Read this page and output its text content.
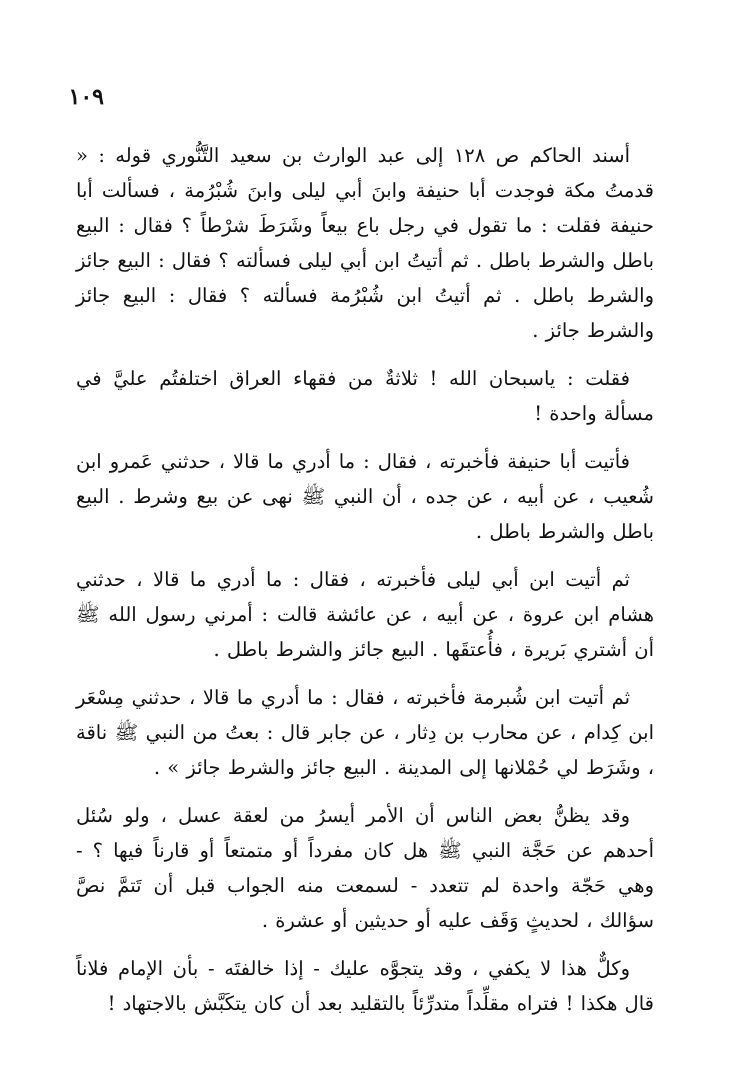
١٠٩

أسند الحاكم ص ١٢٨ إلى عبد الوارث بن سعيد التَّنُّوري قوله : « قدمتُ مكة فوجدت أبا حنيفة وابنَ أبي ليلى وابنَ شُبْرُمة ، فسألت أبا حنيفة فقلت : ما تقول في رجل باع بيعاً وشَرَطَ شرْطاً ؟ فقال : البيع باطل والشرط باطل . ثم أتيتُ ابن أبي ليلى فسألته ؟ فقال : البيع جائز والشرط باطل . ثم أتيتُ ابن شُبْرُمة فسألته ؟ فقال : البيع جائز والشرط جائز .

فقلت : ياسبحان الله ! ثلاثةٌ من فقهاء العراق اختلفتُم عليَّ في مسألة واحدة !

فأتيت أبا حنيفة فأخبرته ، فقال : ما أدري ما قالا ، حدثني عَمرو ابن شُعيب ، عن أبيه ، عن جده ، أن النبي ﷺ نهى عن بيع وشرط . البيع باطل والشرط باطل .

ثم أتيت ابن أبي ليلى فأخبرته ، فقال : ما أدري ما قالا ، حدثني هشام ابن عروة ، عن أبيه ، عن عائشة قالت : أمرني رسول الله ﷺ أن أشتري بَريرة ، فأُعتقَها . البيع جائز والشرط باطل .

ثم أتيت ابن شُبرمة فأخبرته ، فقال : ما أدري ما قالا ، حدثني مِسْعَر ابن كِدام ، عن محارب بن دِثار ، عن جابر قال : بعتُ من النبي ﷺ ناقة ، وشَرَط لي حُمْلانها إلى المدينة . البيع جائز والشرط جائز » .

وقد يظنُّ بعض الناس أن الأمر أيسرُ من لعقة عسل ، ولو سُئل أحدهم عن حَجَّة النبي ﷺ هل كان مفرداً أو متمتعاً أو قارناً فيها ؟ - وهي حَجّة واحدة لم تتعدد - لسمعت منه الجواب قبل أن تَتمَّ نصَّ سؤالك ، لحديثٍ وَقَف عليه أو حديثين أو عشرة .

وكلٌّ هذا لا يكفي ، وقد يتجوَّه عليك - إذا خالفتَه - بأن الإمام فلاناً قال هكذا ! فتراه مقلِّداً متدرِّئاً بالتقليد بعد أن كان يتكَبَّش بالاجتهاد !
